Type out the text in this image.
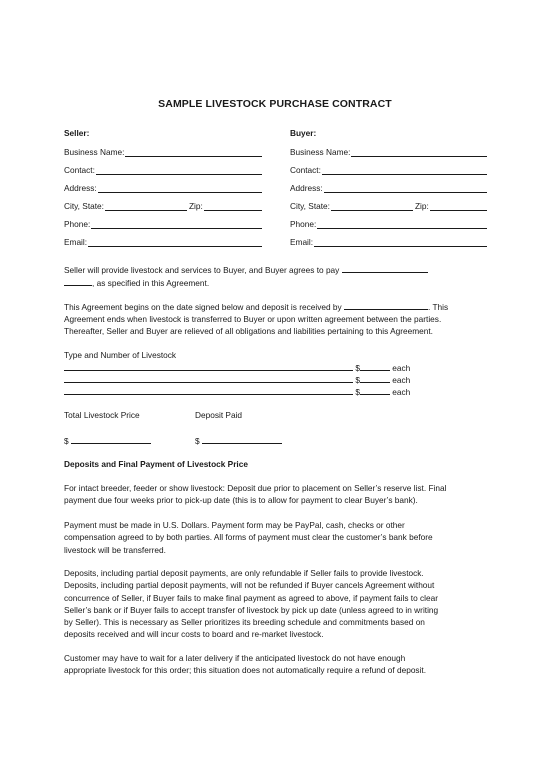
SAMPLE LIVESTOCK PURCHASE CONTRACT
Seller:
Business Name:
Contact:
Address:
City, State:	Zip:
Phone:
Email:
Buyer:
Business Name:
Contact:
Address:
City, State:	Zip:
Phone:
Email:
Seller will provide livestock and services to Buyer, and Buyer agrees to pay
, as specified in this Agreement.
This Agreement begins on the date signed below and deposit is received by	. This
Agreement ends when livestock is transferred to Buyer or upon written agreement between the parties.
Thereafter, Seller and Buyer are relieved of all obligations and liabilities pertaining to this Agreement.
Type and Number of Livestock
$	each
$	each
$	each
Total Livestock Price	Deposit Paid
$	$
Deposits and Final Payment of Livestock Price
For intact breeder, feeder or show livestock: Deposit due prior to placement on Seller’s reserve list. Final
payment due four weeks prior to pick-up date (this is to allow for payment to clear Buyer’s bank).
Payment must be made in U.S. Dollars. Payment form may be PayPal, cash, checks or other
compensation agreed to by both parties. All forms of payment must clear the customer’s bank before
livestock will be transferred.
Deposits, including partial deposit payments, are only refundable if Seller fails to provide livestock.
Deposits, including partial deposit payments, will not be refunded if Buyer cancels Agreement without
concurrence of Seller, if Buyer fails to make final payment as agreed to above, if payment fails to clear
Seller’s bank or if Buyer fails to accept transfer of livestock by pick up date (unless agreed to in writing
by Seller). This is necessary as Seller prioritizes its breeding schedule and commitments based on
deposits received and will incur costs to board and re-market livestock.
Customer may have to wait for a later delivery if the anticipated livestock do not have enough
appropriate livestock for this order; this situation does not automatically require a refund of deposit.
